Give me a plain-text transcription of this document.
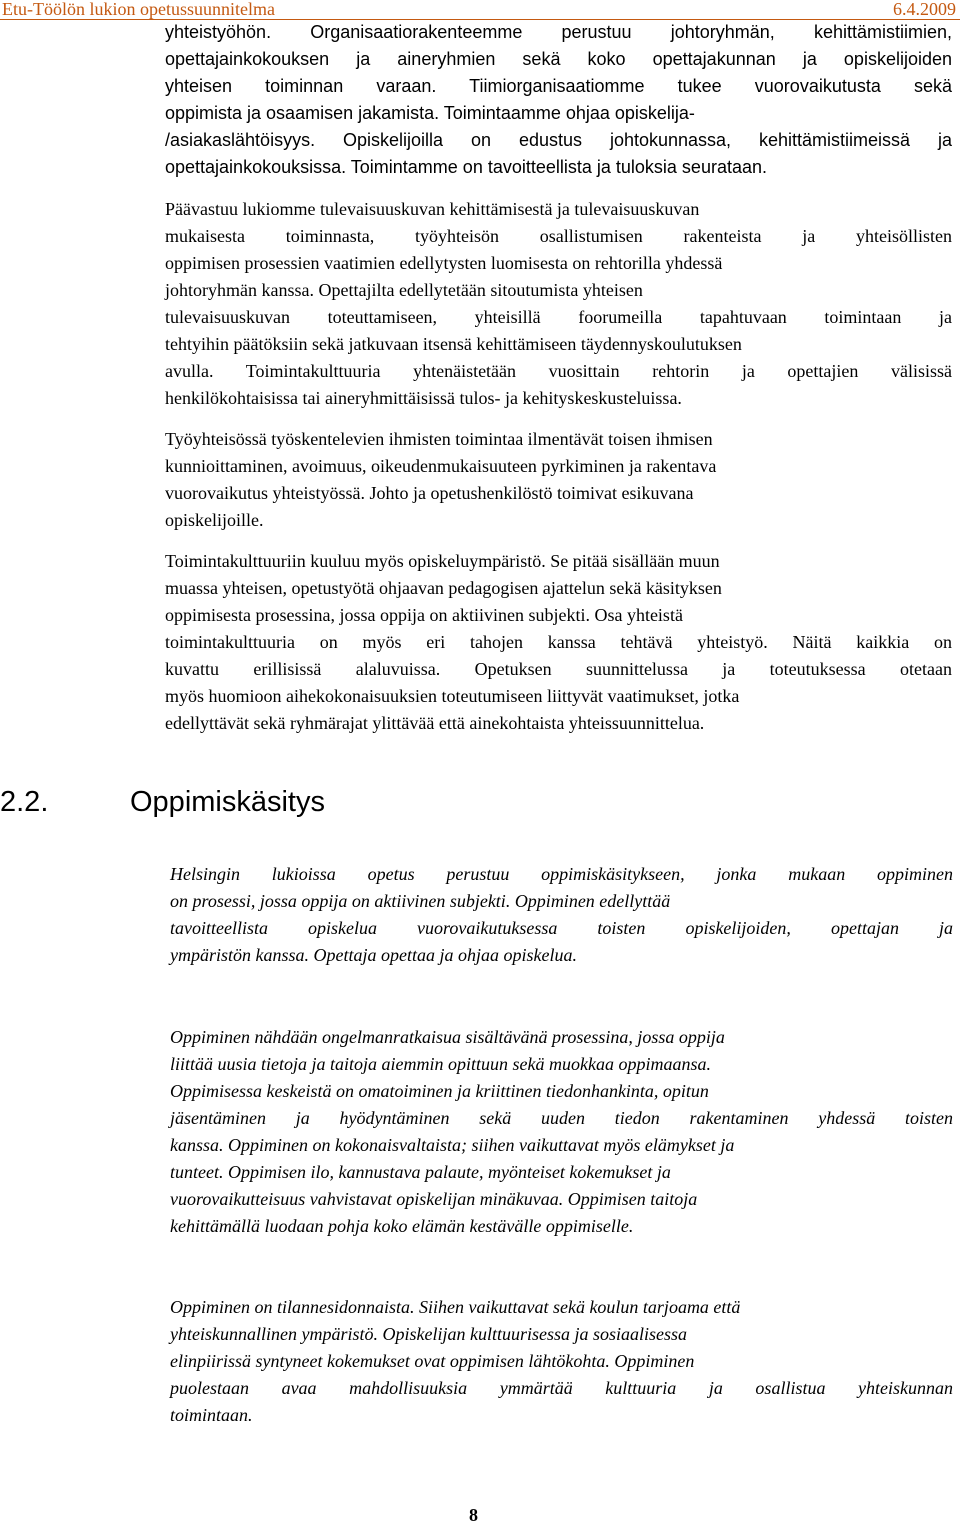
Etu-Töölön lukion opetussuunnitelma	6.4.2009
yhteistyöhön. Organisaatiorakenteemme perustuu johtoryhmän, kehittämistiimien,
opettajainkokouksen ja aineryhmien sekä koko opettajakunnan ja opiskelijoiden
yhteisen toiminnan varaan. Tiimiorganisaatiomme tukee vuorovaikutusta sekä
oppimista ja osaamisen jakamista. Toimintaamme ohjaa opiskelija-
/asiakaslähtöisyys. Opiskelijoilla on edustus johtokunnassa, kehittämistiimeissä ja
opettajainkokouksissa. Toimintamme on tavoitteellista ja tuloksia seurataan.
Päävastuu lukiomme tulevaisuuskuvan kehittämisestä ja tulevaisuuskuvan
mukaisesta toiminnasta, työyhteisön osallistumisen rakenteista ja yhteisöllisten
oppimisen prosessien vaatimien edellytysten luomisesta on rehtorilla yhdessä
johtoryhmän kanssa. Opettajilta edellytetään sitoutumista yhteisen
tulevaisuuskuvan toteuttamiseen, yhteisillä foorumeilla tapahtuvaan toimintaan ja
tehtyihin päätöksiin sekä jatkuvaan itsensä kehittämiseen täydennyskoulutuksen
avulla. Toimintakulttuuria yhtenäistetään vuosittain rehtorin ja opettajien välisissä
henkilökohtaisissa tai aineryhmittäisissä tulos- ja kehityskeskusteluissa.
Työyhteisössä työskentelevien ihmisten toimintaa ilmentävät toisen ihmisen
kunnioittaminen, avoimuus, oikeudenmukaisuuteen pyrkiminen ja rakentava
vuorovaikutus yhteistyössä. Johto ja opetushenkilöstö toimivat esikuvana
opiskelijoille.
Toimintakulttuuriin kuuluu myös opiskeluympäristö. Se pitää sisällään muun
muassa yhteisen, opetustyötä ohjaavan pedagogisen ajattelun sekä käsityksen
oppimisesta prosessina, jossa oppija on aktiivinen subjekti. Osa yhteistä
toimintakulttuuria on myös eri tahojen kanssa tehtävä yhteistyö. Näitä kaikkia on
kuvattu erillisissä alaluvuissa. Opetuksen suunnittelussa ja toteutuksessa otetaan
myös huomioon aihekokonaisuuksien toteutumiseen liittyvät vaatimukset, jotka
edellyttävät sekä ryhmärajat ylittävää että ainekohtaista yhteissuunnittelua.
2.2.	Oppimiskäsitys
Helsingin lukioissa opetus perustuu oppimiskäsitykseen, jonka mukaan oppiminen
on prosessi, jossa oppija on aktiivinen subjekti. Oppiminen edellyttää
tavoitteellista opiskelua vuorovaikutuksessa toisten opiskelijoiden, opettajan ja
ympäristön kanssa. Opettaja opettaa ja ohjaa opiskelua.
Oppiminen nähdään ongelmanratkaisua sisältävänä prosessina, jossa oppija
liittää uusia tietoja ja taitoja aiemmin opittuun sekä muokkaa oppimaansa.
Oppimisessa keskeistä on omatoiminen ja kriittinen tiedonhankinta, opitun
jäsentäminen ja hyödyntäminen sekä uuden tiedon rakentaminen yhdessä toisten
kanssa. Oppiminen on kokonaisvaltaista; siihen vaikuttavat myös elämykset ja
tunteet. Oppimisen ilo, kannustava palaute, myönteiset kokemukset ja
vuorovaikutteisuus vahvistavat opiskelijan minäkuvaa. Oppimisen taitoja
kehittämällä luodaan pohja koko elämän kestävälle oppimiselle.
Oppiminen on tilannesidonnaista. Siihen vaikuttavat sekä koulun tarjoama että
yhteiskunnallinen ympäristö. Opiskelijan kulttuurisessa ja sosiaalisessa
elinpiirissä syntyneet kokemukset ovat oppimisen lähtökohta. Oppiminen
puolestaan avaa mahdollisuuksia ymmärtää kulttuuria ja osallistua yhteiskunnan
toimintaan.
8
